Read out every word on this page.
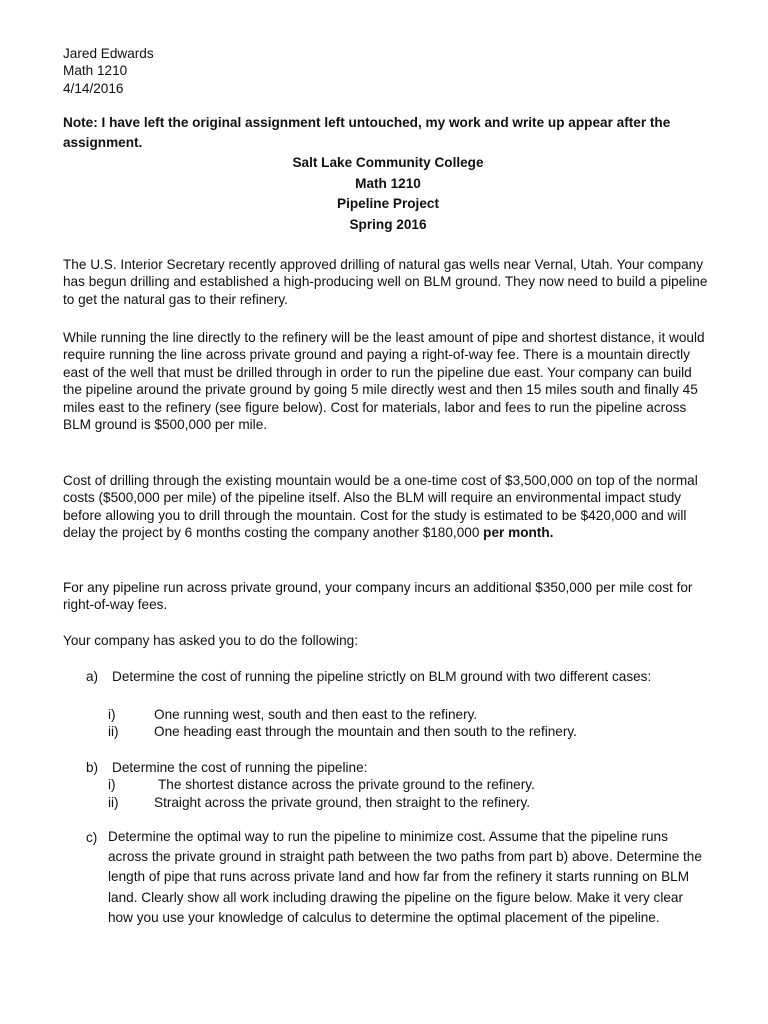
Jared Edwards
Math 1210
4/14/2016

Note: I have left the original assignment left untouched, my work and write up appear after the assignment.

Salt Lake Community College
Math 1210
Pipeline Project
Spring 2016

The U.S. Interior Secretary recently approved drilling of natural gas wells near Vernal, Utah. Your company has begun drilling and established a high-producing well on BLM ground. They now need to build a pipeline to get the natural gas to their refinery.

While running the line directly to the refinery will be the least amount of pipe and shortest distance, it would require running the line across private ground and paying a right-of-way fee. There is a mountain directly east of the well that must be drilled through in order to run the pipeline due east. Your company can build the pipeline around the private ground by going 5 mile directly west and then 15 miles south and finally 45 miles east to the refinery (see figure below). Cost for materials, labor and fees to run the pipeline across BLM ground is $500,000 per mile.

Cost of drilling through the existing mountain would be a one-time cost of $3,500,000 on top of the normal costs ($500,000 per mile) of the pipeline itself. Also the BLM will require an environmental impact study before allowing you to drill through the mountain. Cost for the study is estimated to be $420,000 and will delay the project by 6 months costing the company another $180,000 per month.

For any pipeline run across private ground, your company incurs an additional $350,000 per mile cost for right-of-way fees.

Your company has asked you to do the following:

a) Determine the cost of running the pipeline strictly on BLM ground with two different cases:
i)	One running west, south and then east to the refinery.
ii)	One heading east through the mountain and then south to the refinery.
b) Determine the cost of running the pipeline:
i)	The shortest distance across the private ground to the refinery.
ii)	Straight across the private ground, then straight to the refinery.
c) Determine the optimal way to run the pipeline to minimize cost. Assume that the pipeline runs across the private ground in straight path between the two paths from part b) above. Determine the length of pipe that runs across private land and how far from the refinery it starts running on BLM land. Clearly show all work including drawing the pipeline on the figure below. Make it very clear how you use your knowledge of calculus to determine the optimal placement of the pipeline.
